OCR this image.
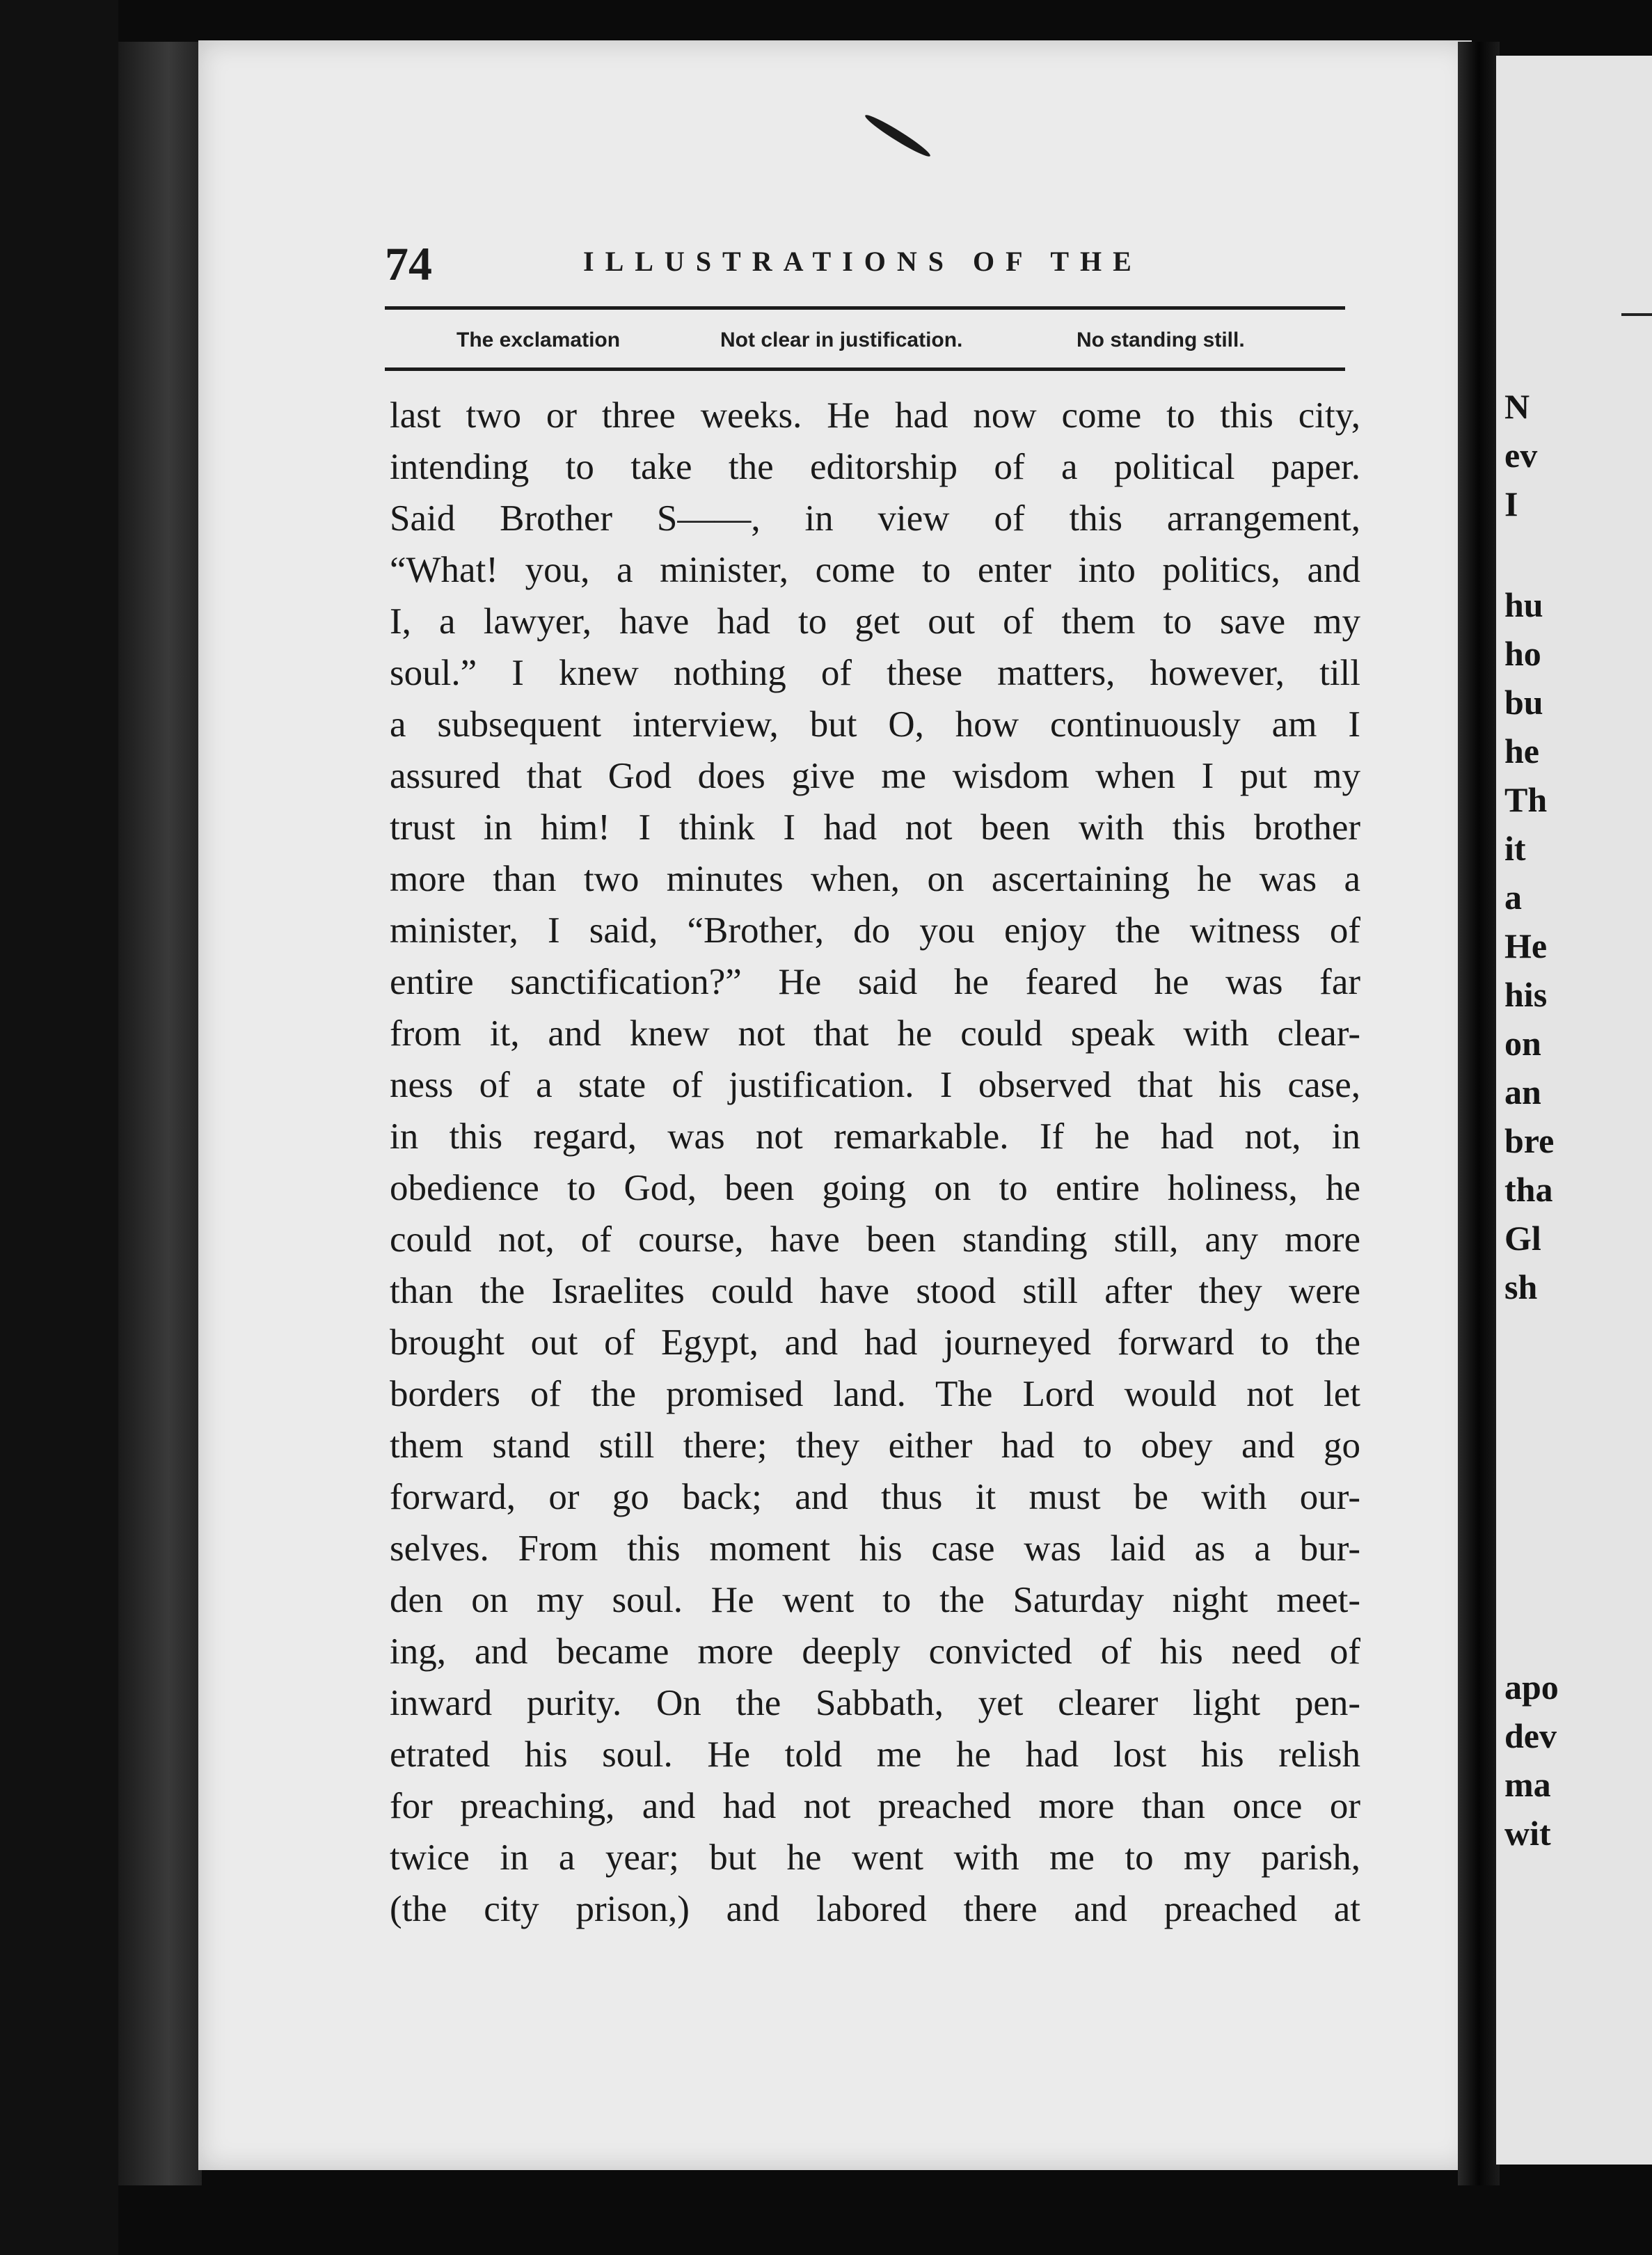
N
ev
I
hu
ho
bu
he
Th
it
a
He
his
on
an
bre
tha
Gl
sh
apo
dev
ma
wit
74	ILLUSTRATIONS OF THE
The exclamation	Not clear in justification.	No standing still.
last two or three weeks. He had now come to this city,
intending to take the editorship of a political paper.
Said Brother S——, in view of this arrangement,
“What! you, a minister, come to enter into politics, and
I, a lawyer, have had to get out of them to save my
soul.” I knew nothing of these matters, however, till
a subsequent interview, but O, how continuously am I
assured that God does give me wisdom when I put my
trust in him! I think I had not been with this brother
more than two minutes when, on ascertaining he was a
minister, I said, “Brother, do you enjoy the witness of
entire sanctification?” He said he feared he was far
from it, and knew not that he could speak with clear-
ness of a state of justification. I observed that his case,
in this regard, was not remarkable. If he had not, in
obedience to God, been going on to entire holiness, he
could not, of course, have been standing still, any more
than the Israelites could have stood still after they were
brought out of Egypt, and had journeyed forward to the
borders of the promised land. The Lord would not let
them stand still there; they either had to obey and go
forward, or go back; and thus it must be with our-
selves. From this moment his case was laid as a bur-
den on my soul. He went to the Saturday night meet-
ing, and became more deeply convicted of his need of
inward purity. On the Sabbath, yet clearer light pen-
etrated his soul. He told me he had lost his relish
for preaching, and had not preached more than once or
twice in a year; but he went with me to my parish,
(the city prison,) and labored there and preached at
